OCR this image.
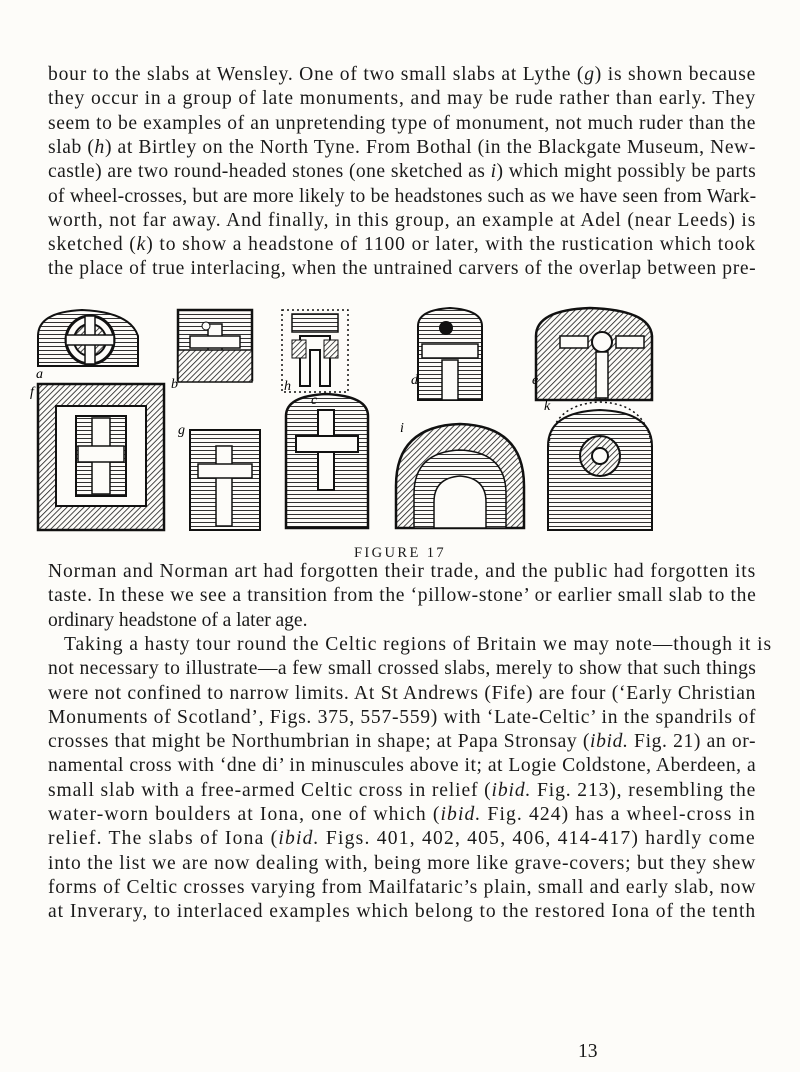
bour to the slabs at Wensley. One of two small slabs at Lythe (g) is shown because
they occur in a group of late monuments, and may be rude rather than early. They
seem to be examples of an unpretending type of monument, not much ruder than the
slab (h) at Birtley on the North Tyne. From Bothal (in the Blackgate Museum, New-
castle) are two round-headed stones (one sketched as i) which might possibly be parts
of wheel-crosses, but are more likely to be headstones such as we have seen from Wark-
worth, not far away. And finally, in this group, an example at Adel (near Leeds) is
sketched (k) to show a headstone of 1100 or later, with the rustication which took
the place of true interlacing, when the untrained carvers of the overlap between pre-
a
b
c
d	e
f
g
h
i
k
FIGURE 17
Norman and Norman art had forgotten their trade, and the public had forgotten its
taste. In these we see a transition from the ‘pillow-stone’ or earlier small slab to the
ordinary headstone of a later age.
Taking a hasty tour round the Celtic regions of Britain we may note—though it is
not necessary to illustrate—a few small crossed slabs, merely to show that such things
were not confined to narrow limits. At St Andrews (Fife) are four (‘Early Christian
Monuments of Scotland’, Figs. 375, 557-559) with ‘Late-Celtic’ in the spandrils of
crosses that might be Northumbrian in shape; at Papa Stronsay (ibid. Fig. 21) an or-
namental cross with ‘dne di’ in minuscules above it; at Logie Coldstone, Aberdeen, a
small slab with a free-armed Celtic cross in relief (ibid. Fig. 213), resembling the
water-worn boulders at Iona, one of which (ibid. Fig. 424) has a wheel-cross in
relief. The slabs of Iona (ibid. Figs. 401, 402, 405, 406, 414-417) hardly come
into the list we are now dealing with, being more like grave-covers; but they shew
forms of Celtic crosses varying from Mailfataric’s plain, small and early slab, now
at Inverary, to interlaced examples which belong to the restored Iona of the tenth
13
